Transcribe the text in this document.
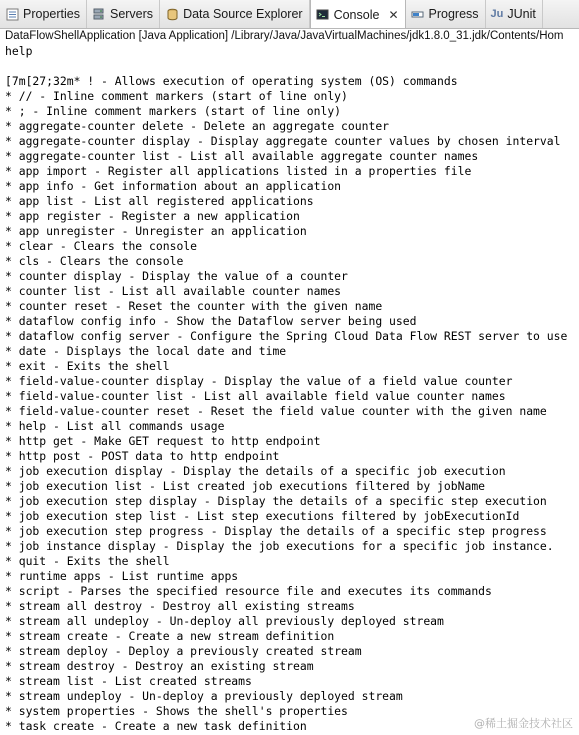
Properties Servers Data Source Explorer Console ✕ Progress Ju JUnit
DataFlowShellApplication [Java Application] /Library/Java/JavaVirtualMachines/jdk1.8.0_31.jdk/Contents/Hom
help
[7m[27;32m* ! - Allows execution of operating system (OS) commands
* // - Inline comment markers (start of line only)
* ; - Inline comment markers (start of line only)
* aggregate-counter delete - Delete an aggregate counter
* aggregate-counter display - Display aggregate counter values by chosen interval
* aggregate-counter list - List all available aggregate counter names
* app import - Register all applications listed in a properties file
* app info - Get information about an application
* app list - List all registered applications
* app register - Register a new application
* app unregister - Unregister an application
* clear - Clears the console
* cls - Clears the console
* counter display - Display the value of a counter
* counter list - List all available counter names
* counter reset - Reset the counter with the given name
* dataflow config info - Show the Dataflow server being used
* dataflow config server - Configure the Spring Cloud Data Flow REST server to use
* date - Displays the local date and time
* exit - Exits the shell
* field-value-counter display - Display the value of a field value counter
* field-value-counter list - List all available field value counter names
* field-value-counter reset - Reset the field value counter with the given name
* help - List all commands usage
* http get - Make GET request to http endpoint
* http post - POST data to http endpoint
* job execution display - Display the details of a specific job execution
* job execution list - List created job executions filtered by jobName
* job execution step display - Display the details of a specific step execution
* job execution step list - List step executions filtered by jobExecutionId
* job execution step progress - Display the details of a specific step progress
* job instance display - Display the job executions for a specific job instance.
* quit - Exits the shell
* runtime apps - List runtime apps
* script - Parses the specified resource file and executes its commands
* stream all destroy - Destroy all existing streams
* stream all undeploy - Un-deploy all previously deployed stream
* stream create - Create a new stream definition
* stream deploy - Deploy a previously created stream
* stream destroy - Destroy an existing stream
* stream list - List created streams
* stream undeploy - Un-deploy a previously deployed stream
* system properties - Shows the shell's properties
* task create - Create a new task definition	@稀土掘金技术社区
